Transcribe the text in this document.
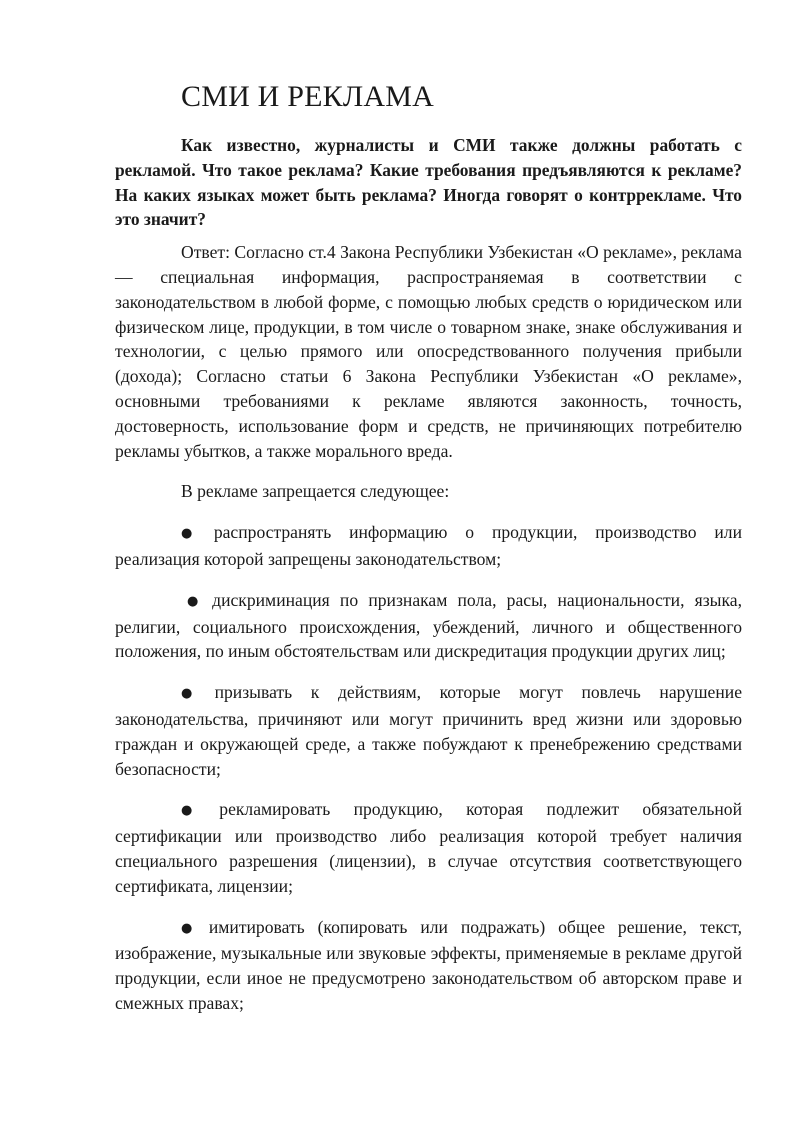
СМИ И РЕКЛАМА
Как известно, журналисты и СМИ также должны работать с рекламой. Что такое реклама? Какие требования предъявляются к рекламе? На каких языках может быть реклама? Иногда говорят о контррекламе. Что это значит?
Ответ: Согласно ст.4 Закона Республики Узбекистан «О рекламе», реклама — специальная информация, распространяемая в соответствии с законодательством в любой форме, с помощью любых средств о юридическом или физическом лице, продукции, в том числе о товарном знаке, знаке обслуживания и технологии, с целью прямого или опосредствованного получения прибыли (дохода); Согласно статьи 6 Закона Республики Узбекистан «О рекламе», основными требованиями к рекламе являются законность, точность, достоверность, использование форм и средств, не причиняющих потребителю рекламы убытков, а также морального вреда.
В рекламе запрещается следующее:
● распространять информацию о продукции, производство или реализация которой запрещены законодательством;
● дискриминация по признакам пола, расы, национальности, языка, религии, социального происхождения, убеждений, личного и общественного положения, по иным обстоятельствам или дискредитация продукции других лиц;
● призывать к действиям, которые могут повлечь нарушение законодательства, причиняют или могут причинить вред жизни или здоровью граждан и окружающей среде, а также побуждают к пренебрежению средствами безопасности;
● рекламировать продукцию, которая подлежит обязательной сертификации или производство либо реализация которой требует наличия специального разрешения (лицензии), в случае отсутствия соответствующего сертификата, лицензии;
● имитировать (копировать или подражать) общее решение, текст, изображение, музыкальные или звуковые эффекты, применяемые в рекламе другой продукции, если иное не предусмотрено законодательством об авторском праве и смежных правах;
